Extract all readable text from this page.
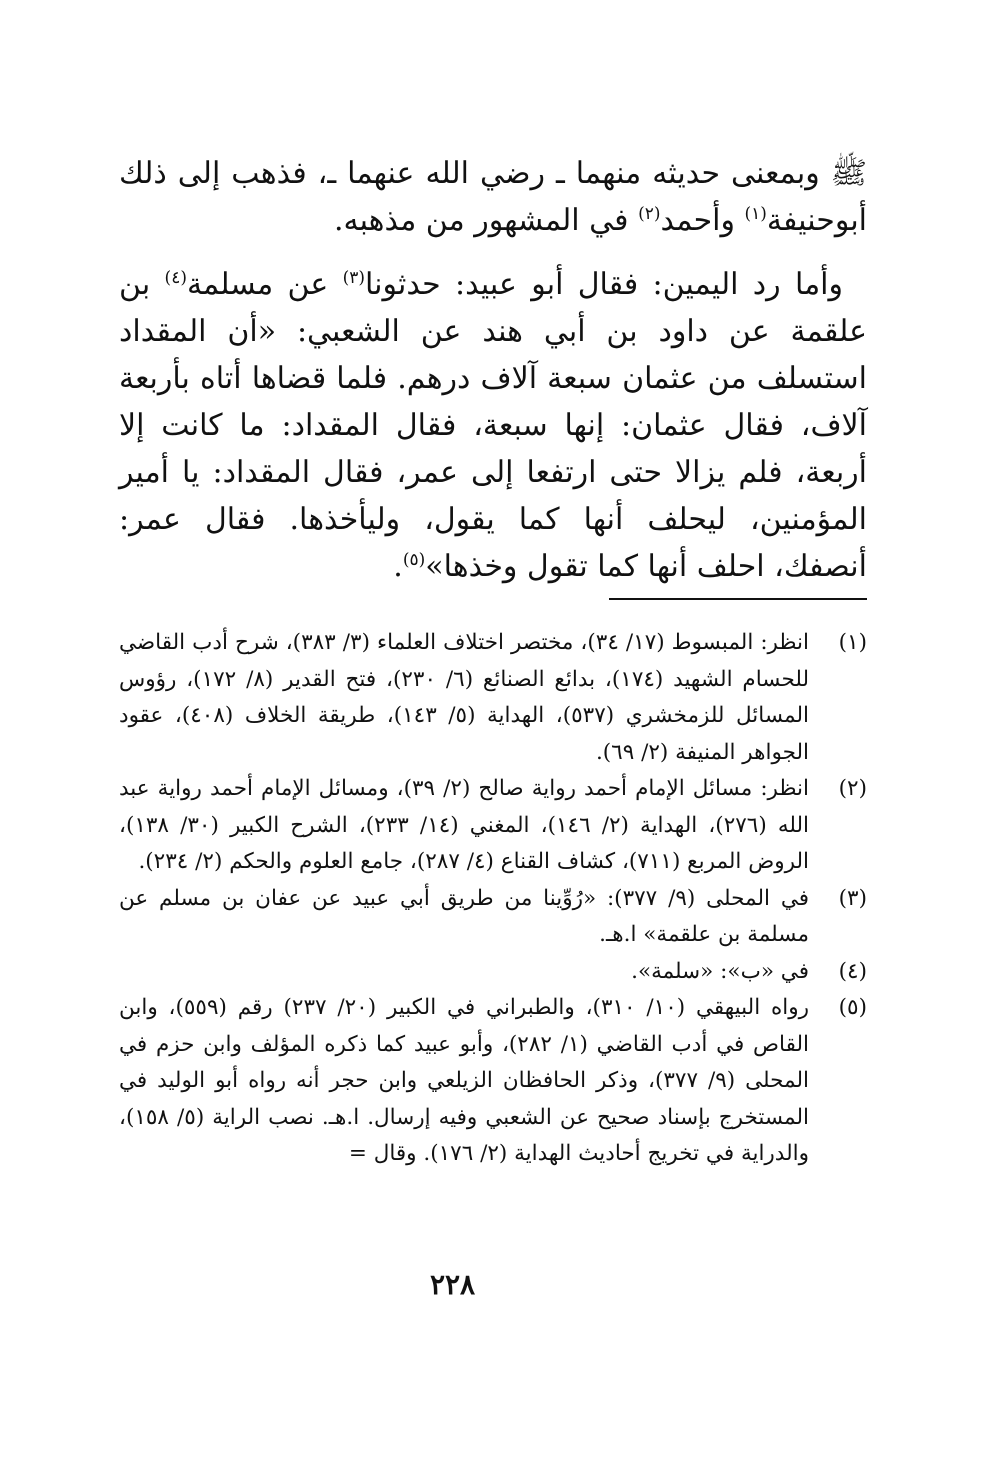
ﷺ وبمعنى حديثه منهما ـ رضي الله عنهما ـ، فذهب إلى ذلك أبوحنيفة$^{(١)}$ وأحمد$^{(٢)}$ في المشهور من مذهبه.

وأما رد اليمين: فقال أبو عبيد: حدثونا$^{(٣)}$ عن مسلمة$^{(٤)}$ بن علقمة عن داود بن أبي هند عن الشعبي: «أن المقداد استسلف من عثمان سبعة آلاف درهم. فلما قضاها أتاه بأربعة آلاف، فقال عثمان: إنها سبعة، فقال المقداد: ما كانت إلا أربعة، فلم يزالا حتى ارتفعا إلى عمر، فقال المقداد: يا أمير المؤمنين، ليحلف أنها كما يقول، وليأخذها. فقال عمر: أنصفك، احلف أنها كما تقول وخذها»$^{(٥)}$.

(١)
انظر: المبسوط (١٧/ ٣٤)، مختصر اختلاف العلماء (٣/ ٣٨٣)، شرح أدب القاضي للحسام الشهيد (١٧٤)، بدائع الصنائع (٦/ ٢٣٠)، فتح القدير (٨/ ١٧٢)، رؤوس المسائل للزمخشري (٥٣٧)، الهداية (٥/ ١٤٣)، طريقة الخلاف (٤٠٨)، عقود الجواهر المنيفة (٢/ ٦٩).
(٢)
انظر: مسائل الإمام أحمد رواية صالح (٢/ ٣٩)، ومسائل الإمام أحمد رواية عبد الله (٢٧٦)، الهداية (٢/ ١٤٦)، المغني (١٤/ ٢٣٣)، الشرح الكبير (٣٠/ ١٣٨)، الروض المربع (٧١١)، كشاف القناع (٤/ ٢٨٧)، جامع العلوم والحكم (٢/ ٢٣٤).
(٣)
في المحلى (٩/ ٣٧٧): «رُوِّينا من طريق أبي عبيد عن عفان بن مسلم عن مسلمة بن علقمة» ا.هـ.
(٤)
في «ب»: «سلمة».
(٥)
رواه البيهقي (١٠/ ٣١٠)، والطبراني في الكبير (٢٠/ ٢٣٧) رقم (٥٥٩)، وابن القاص في أدب القاضي (١/ ٢٨٢)، وأبو عبيد كما ذكره المؤلف وابن حزم في المحلى (٩/ ٣٧٧)، وذكر الحافظان الزيلعي وابن حجر أنه رواه أبو الوليد في المستخرج بإسناد صحيح عن الشعبي وفيه إرسال. ا.هـ. نصب الراية (٥/ ١٥٨)، والدراية في تخريج أحاديث الهداية (٢/ ١٧٦). وقال =
٢٢٨
